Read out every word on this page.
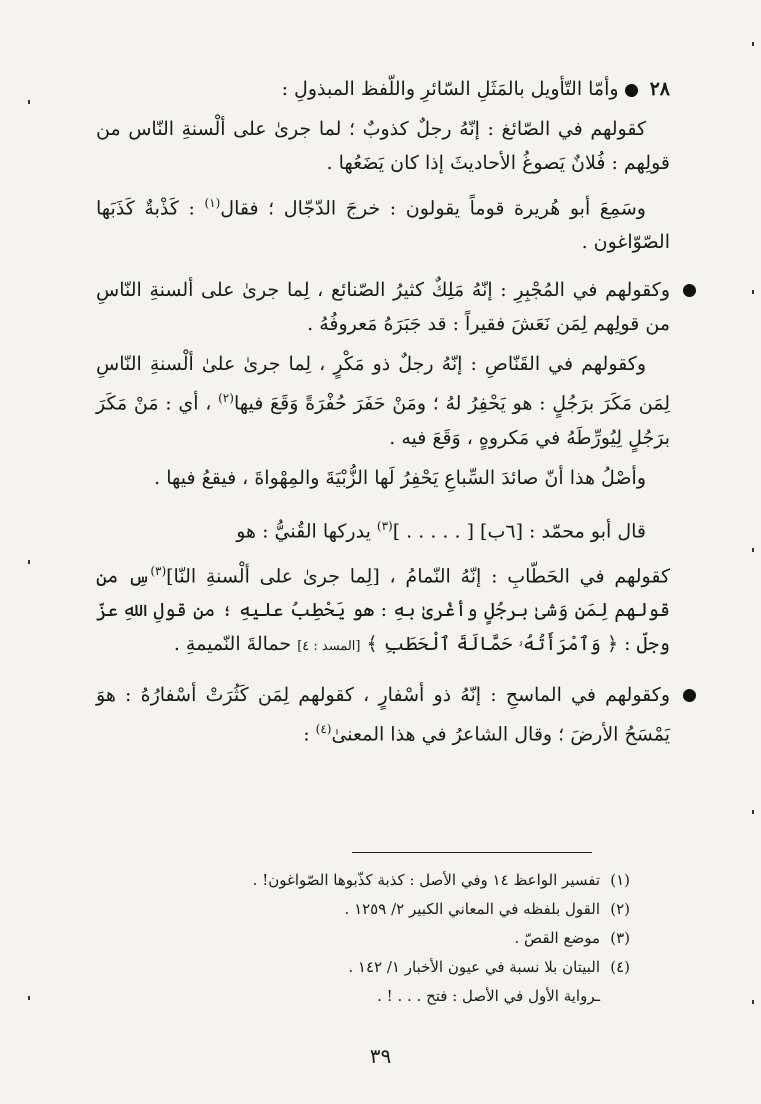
٢٨وأمّا التّأويل بالمَثَلِ السّائرِ واللّفظ المبذولِ :

كقولهم في الصّائغ : إنّهُ رجلٌ كذوبٌ ؛ لما جرىٰ على ألْسنةِ النّاس من قولِهم : فُلانٌ يَصوغُ الأحاديثَ إذا كان يَضَعُها .

وسَمِعَ أبو هُريرة قوماً يقولون : خرجَ الدّجّال ؛ فقال$^{(١)}$ : كَذْبةٌ كَذَبَها الصّوّاغون .

وكقولهم في المُجْبِرِ : إنّهُ مَلِكٌ كثيرُ الصّنائع ، لِما جرىٰ على ألسنةِ النّاسِ من قولِهم لِمَن نَعَشَ فقيراً : قد جَبَرَهُ مَعروفُهُ .

وكقولهم في القَنّاصِ : إنّهُ رجلٌ ذو مَكْرٍ ، لِما جرىٰ علىٰ ألْسنةِ النّاسِ لِمَن مَكَرَ برَجُلٍ : هو يَحْفِرُ لهُ ؛ ومَنْ حَفَرَ حُفْرَةً وَقَعَ فيها$^{(٢)}$ ، أي : مَنْ مَكَرَ برَجُلٍ لِيُورِّطَهُ في مَكروهٍ ، وَقَعَ فيه .

وأصْلُ هذا أنّ صائدَ السِّباعِ يَحْفِرُ لَها الزُّبْيَةَ والمِهْواةَ ، فيقعُ فيها .

قال أبو محمّد : [٦ب] [ . . . . . ]$^{(٣)}$ يدركها القُنيُّ : هو

كقولهم في الحَطّابِ : إنّهُ النّمامُ ، [لِما جرىٰ على ألْسنةِ النّا]$^{(٣)}$سِ من قولهم لِمَن وَشىٰ برجُلٍ وأغْرىٰ بهِ : هو يَحْطِبُ عليهِ ؛ من قولِ اللهِ عزّ وجلّ : ﴿ وَٱمْرَأَتُهُۥ حَمَّالَةَ ٱلْحَطَبِ ﴾ [المسد : ٤] حمالةَ النّميمةِ .

وكقولهم في الماسحِ : إنّهُ ذو أسْفارٍ ، كقولهم لِمَن كَثُرَتْ أسْفارُهُ : هوَ يَمْسَحُ الأرضَ ؛ وقال الشاعرُ في هذا المعنىٰ$^{(٤)}$ :

(١)تفسير الواعظ ١٤ وفي الأصل : كذبة كذّبوها الصّواغون! .
(٢)القول بلفظه في المعاني الكبير ٢/ ١٢٥٩ .
(٣)موضع القصّ .
(٤)البيتان بلا نسبة في عيون الأخبار ١/ ١٤٢ .
ـرواية الأول في الأصل : فتح . . . ! .
٣٩
